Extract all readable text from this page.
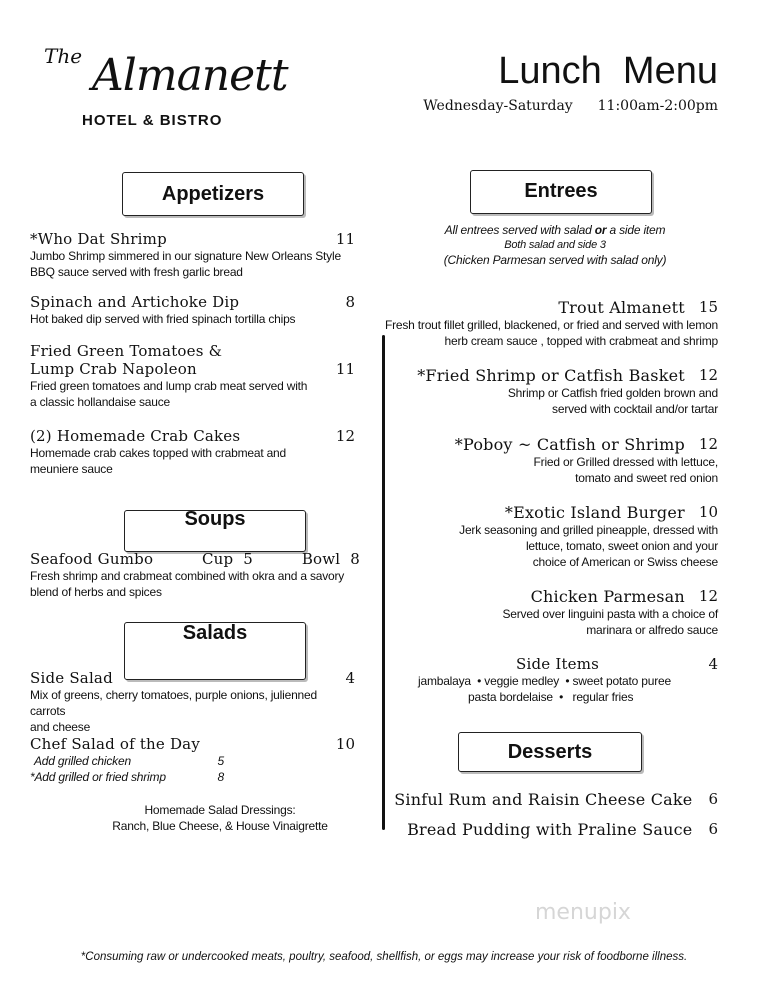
The Almanett
HOTEL & BISTRO
Lunch  Menu
Wednesday-Saturday 11:00am-2:00pm
Appetizers	Entrees
Soups
Salads
Desserts
*Who Dat Shrimp	11
Jumbo Shrimp simmered in our signature New Orleans Style
BBQ sauce served with fresh garlic bread
Spinach and Artichoke Dip	8
Hot baked dip served with fried spinach tortilla chips
Fried Green Tomatoes &
Lump Crab Napoleon	11
Fried green tomatoes and lump crab meat served with
a classic hollandaise sauce
(2) Homemade Crab Cakes	12
Homemade crab cakes topped with crabmeat and
meuniere sauce
Seafood Gumbo	Cup 5	Bowl 8
Fresh shrimp and crabmeat combined with okra and a savory
blend of herbs and spices
Side Salad	4
Mix of greens, cherry tomatoes, purple onions, julienned carrots
and cheese
Chef Salad of the Day	10
Add grilled chicken	5
*Add grilled or fried shrimp	8
Homemade Salad Dressings:
Ranch, Blue Cheese, & House Vinaigrette
All entrees served with salad or a side item
Both salad and side 3
(Chicken Parmesan served with salad only)
Trout Almanett 15
Fresh trout fillet grilled, blackened, or fried and served with lemon
herb cream sauce , topped with crabmeat and shrimp
*Fried Shrimp or Catfish Basket 12
Shrimp or Catfish fried golden brown and
served with cocktail and/or tartar
*Poboy ~ Catfish or Shrimp 12
Fried or Grilled dressed with lettuce,
tomato and sweet red onion
*Exotic Island Burger 10
Jerk seasoning and grilled pineapple, dressed with
lettuce, tomato, sweet onion and your
choice of American or Swiss cheese
Chicken Parmesan 12
Served over linguini pasta with a choice of
marinara or alfredo sauce
Side Items	4
jambalaya  • veggie medley  • sweet potato puree
pasta bordelaise  •   regular fries
Sinful Rum and Raisin Cheese Cake 6
Bread Pudding with Praline Sauce 6
menupix
*Consuming raw or undercooked meats, poultry, seafood, shellfish, or eggs may increase your risk of foodborne illness.
